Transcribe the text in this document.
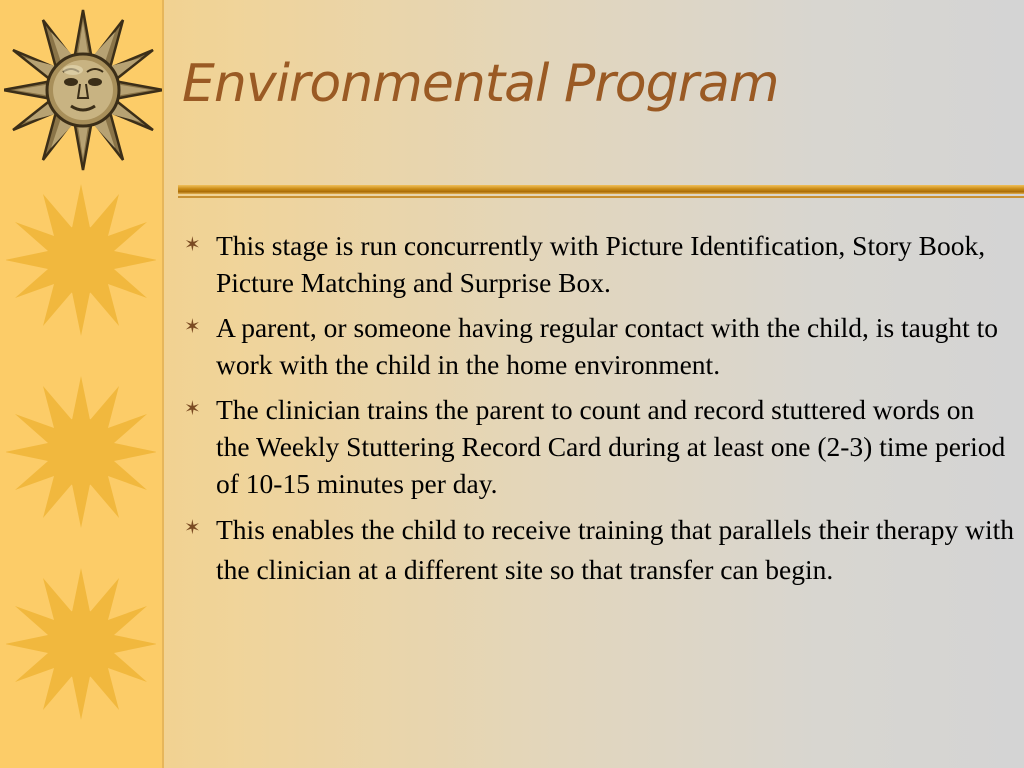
Environmental Program
✶ This stage is run concurrently with Picture Identification, Story Book, Picture Matching and Surprise Box.
✶ A parent, or someone having regular contact with the child, is taught to work with the child in the home environment.
✶ The clinician trains the parent to count and record stuttered words on the Weekly Stuttering Record Card during at least one (2-3) time period of 10-15 minutes per day.
✶ This enables the child to receive training that parallels their therapy with the clinician at a different site so that transfer can begin.
